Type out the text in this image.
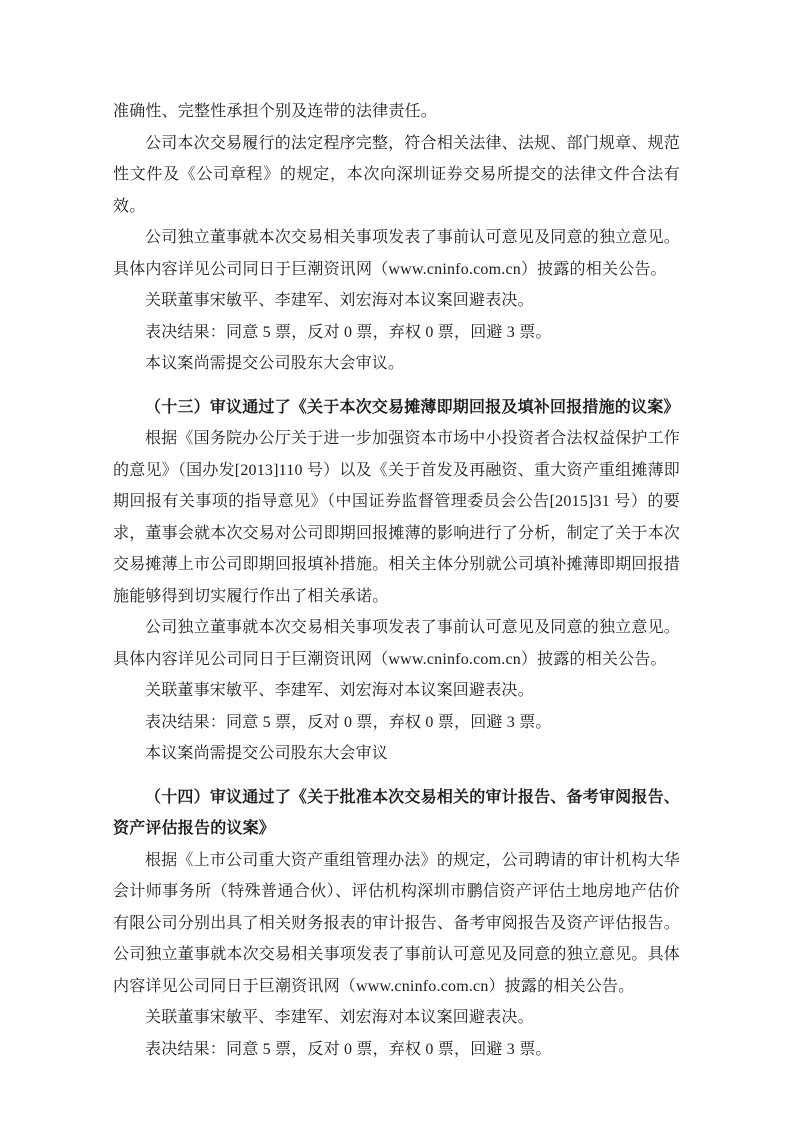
准确性、完整性承担个别及连带的法律责任。

公司本次交易履行的法定程序完整，符合相关法律、法规、部门规章、规范性文件及《公司章程》的规定，本次向深圳证券交易所提交的法律文件合法有效。

公司独立董事就本次交易相关事项发表了事前认可意见及同意的独立意见。具体内容详见公司同日于巨潮资讯网（www.cninfo.com.cn）披露的相关公告。

关联董事宋敏平、李建军、刘宏海对本议案回避表决。

表决结果：同意 5 票，反对 0 票，弃权 0 票，回避 3 票。

本议案尚需提交公司股东大会审议。

（十三）审议通过了《关于本次交易摊薄即期回报及填补回报措施的议案》

根据《国务院办公厅关于进一步加强资本市场中小投资者合法权益保护工作的意见》（国办发[2013]110 号）以及《关于首发及再融资、重大资产重组摊薄即期回报有关事项的指导意见》（中国证券监督管理委员会公告[2015]31 号）的要求，董事会就本次交易对公司即期回报摊薄的影响进行了分析，制定了关于本次交易摊薄上市公司即期回报填补措施。相关主体分别就公司填补摊薄即期回报措施能够得到切实履行作出了相关承诺。

公司独立董事就本次交易相关事项发表了事前认可意见及同意的独立意见。具体内容详见公司同日于巨潮资讯网（www.cninfo.com.cn）披露的相关公告。

关联董事宋敏平、李建军、刘宏海对本议案回避表决。

表决结果：同意 5 票，反对 0 票，弃权 0 票，回避 3 票。

本议案尚需提交公司股东大会审议

（十四）审议通过了《关于批准本次交易相关的审计报告、备考审阅报告、资产评估报告的议案》

根据《上市公司重大资产重组管理办法》的规定，公司聘请的审计机构大华会计师事务所（特殊普通合伙）、评估机构深圳市鹏信资产评估土地房地产估价有限公司分别出具了相关财务报表的审计报告、备考审阅报告及资产评估报告。公司独立董事就本次交易相关事项发表了事前认可意见及同意的独立意见。具体内容详见公司同日于巨潮资讯网（www.cninfo.com.cn）披露的相关公告。

关联董事宋敏平、李建军、刘宏海对本议案回避表决。

表决结果：同意 5 票，反对 0 票，弃权 0 票，回避 3 票。
